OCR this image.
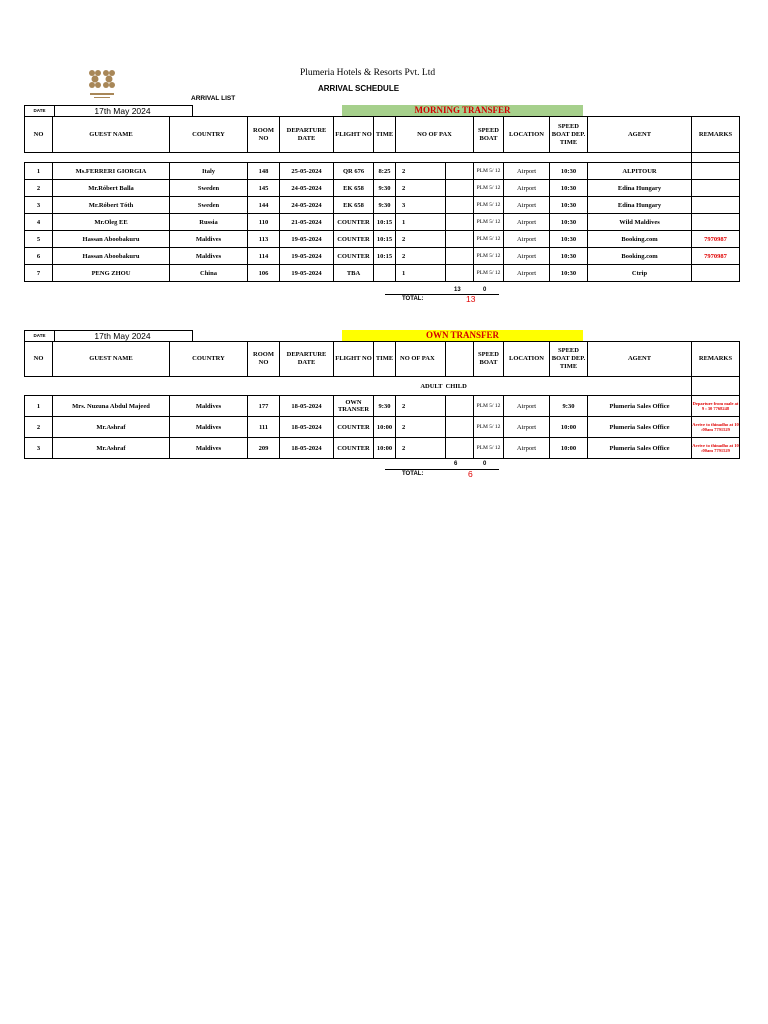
Plumeria Hotels & Resorts Pvt. Ltd
ARRIVAL SCHEDULE
ARRIVAL LIST
DATE	17th May 2024	MORNING TRANSFER
NO	GUEST NAME	COUNTRY	ROOM NO	DEPARTURE DATE	FLIGHT NO	TIME	NO OF PAX		SPEED BOAT	LOCATION	SPEED BOAT DEP. TIME	AGENT	REMARKS

1	Ms.FERRERI GIORGIA	Italy	148	25-05-2024	QR 676	8:25	2		PLM 5/ 12	Airport	10:30	ALPITOUR	
2	Mr.Róbert Balla	Sweden	145	24-05-2024	EK 658	9:30	2		PLM 5/ 12	Airport	10:30	Edina Hungary	
3	Mr.Róbert Tóth	Sweden	144	24-05-2024	EK 658	9:30	3		PLM 5/ 12	Airport	10:30	Edina Hungary	
4	Mr.Oleg EE	Russia	110	21-05-2024	COUNTER	10:15	1		PLM 5/ 12	Airport	10:30	Wild Maldives	
5	Hassan Aboobakuru	Maldives	113	19-05-2024	COUNTER	10:15	2		PLM 5/ 12	Airport	10:30	Booking.com	7970987
6	Hassan Aboobakuru	Maldives	114	19-05-2024	COUNTER	10:15	2		PLM 5/ 12	Airport	10:30	Booking.com	7970987
7	PENG ZHOU	China	106	19-05-2024	TBA		1		PLM 5/ 12	Airport	10:30	Ctrip	
13	0
TOTAL:	13
DATE	17th May 2024	OWN TRANSFER
NO	GUEST NAME	COUNTRY	ROOM NO	DEPARTURE DATE	FLIGHT NO	TIME	NO OF PAX		SPEED BOAT	LOCATION	SPEED BOAT DEP. TIME	AGENT	REMARKS
							ADULT	CHILD					
1	Mrs. Nuzuna Abdul Majeed	Maldives	177	18-05-2024	OWN TRANSER	9:30	2		PLM 5/ 12	Airport	9:30	Plumeria Sales Office	Departure from male at 9 : 30 7768248
2	Mr.Ashraf	Maldives	111	18-05-2024	COUNTER	10:00	2		PLM 5/ 12	Airport	10:00	Plumeria Sales Office	Arrive to thinadho at 10 :00am 7791529
3	Mr.Ashraf	Maldives	209	18-05-2024	COUNTER	10:00	2		PLM 5/ 12	Airport	10:00	Plumeria Sales Office	Arrive to thinadho at 10 :00am 7791529
6	0
TOTAL:	6
